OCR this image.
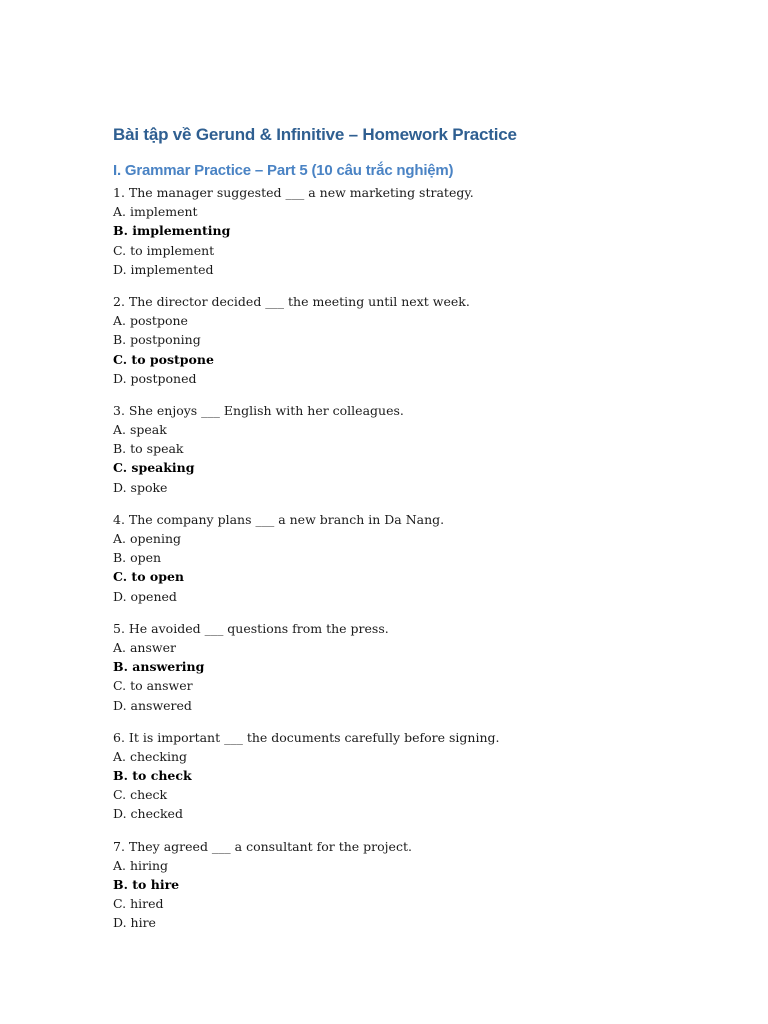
Bài tập về Gerund & Infinitive – Homework Practice
I. Grammar Practice – Part 5 (10 câu trắc nghiệm)
1. The manager suggested ___ a new marketing strategy.
A. implement
B. implementing
C. to implement
D. implemented
2. The director decided ___ the meeting until next week.
A. postpone
B. postponing
C. to postpone
D. postponed
3. She enjoys ___ English with her colleagues.
A. speak
B. to speak
C. speaking
D. spoke
4. The company plans ___ a new branch in Da Nang.
A. opening
B. open
C. to open
D. opened
5. He avoided ___ questions from the press.
A. answer
B. answering
C. to answer
D. answered
6. It is important ___ the documents carefully before signing.
A. checking
B. to check
C. check
D. checked
7. They agreed ___ a consultant for the project.
A. hiring
B. to hire
C. hired
D. hire
